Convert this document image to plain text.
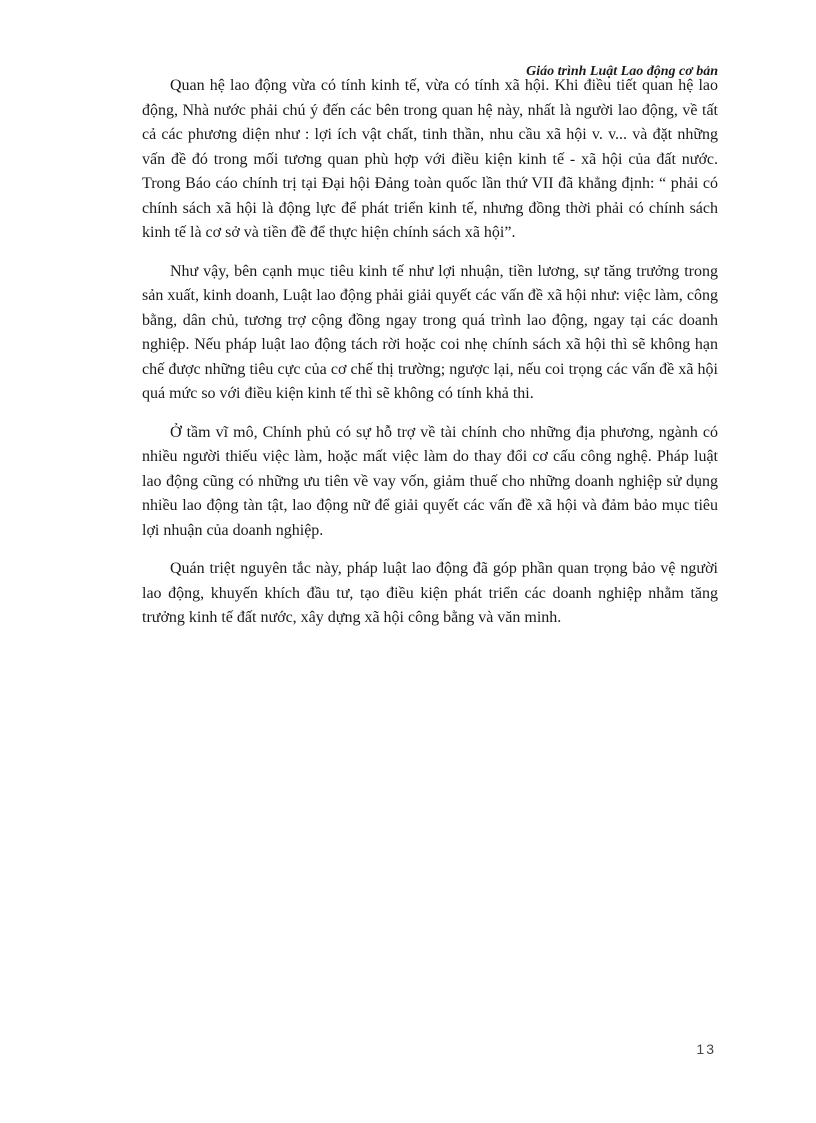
Giáo trình Luật Lao động cơ bản

Quan hệ lao động vừa có tính kinh tế, vừa có tính xã hội. Khi điều tiết quan hệ lao động, Nhà nước phải chú ý đến các bên trong quan hệ này, nhất là người lao động, về tất cả các phương diện như : lợi ích vật chất, tinh thần, nhu cầu xã hội v. v... và đặt những vấn đề đó trong mối tương quan phù hợp với điều kiện kinh tế - xã hội của đất nước. Trong Báo cáo chính trị tại Đại hội Đảng toàn quốc lần thứ VII đã khẳng định: “ phải có chính sách xã hội là động lực để phát triển kinh tế, nhưng đồng thời phải có chính sách kinh tế là cơ sở và tiền đề để thực hiện chính sách xã hội”.

Như vậy, bên cạnh mục tiêu kinh tế như lợi nhuận, tiền lương, sự tăng trưởng trong sản xuất, kinh doanh, Luật lao động phải giải quyết các vấn đề xã hội như: việc làm, công bằng, dân chủ, tương trợ cộng đồng ngay trong quá trình lao động, ngay tại các doanh nghiệp. Nếu pháp luật lao động tách rời hoặc coi nhẹ chính sách xã hội thì sẽ không hạn chế được những tiêu cực của cơ chế thị trường; ngược lại, nếu coi trọng các vấn đề xã hội quá mức so với điều kiện kinh tế thì sẽ không có tính khả thi.

Ở tầm vĩ mô, Chính phủ có sự hỗ trợ về tài chính cho những địa phương, ngành có nhiều người thiếu việc làm, hoặc mất việc làm do thay đổi cơ cấu công nghệ. Pháp luật lao động cũng có những ưu tiên về vay vốn, giảm thuế cho những doanh nghiệp sử dụng nhiều lao động tàn tật, lao động nữ để giải quyết các vấn đề xã hội và đảm bảo mục tiêu lợi nhuận của doanh nghiệp.

Quán triệt nguyên tắc này, pháp luật lao động đã góp phần quan trọng bảo vệ người lao động, khuyến khích đầu tư, tạo điều kiện phát triển các doanh nghiệp nhằm tăng trưởng kinh tế đất nước, xây dựng xã hội công bằng và văn minh.

13
